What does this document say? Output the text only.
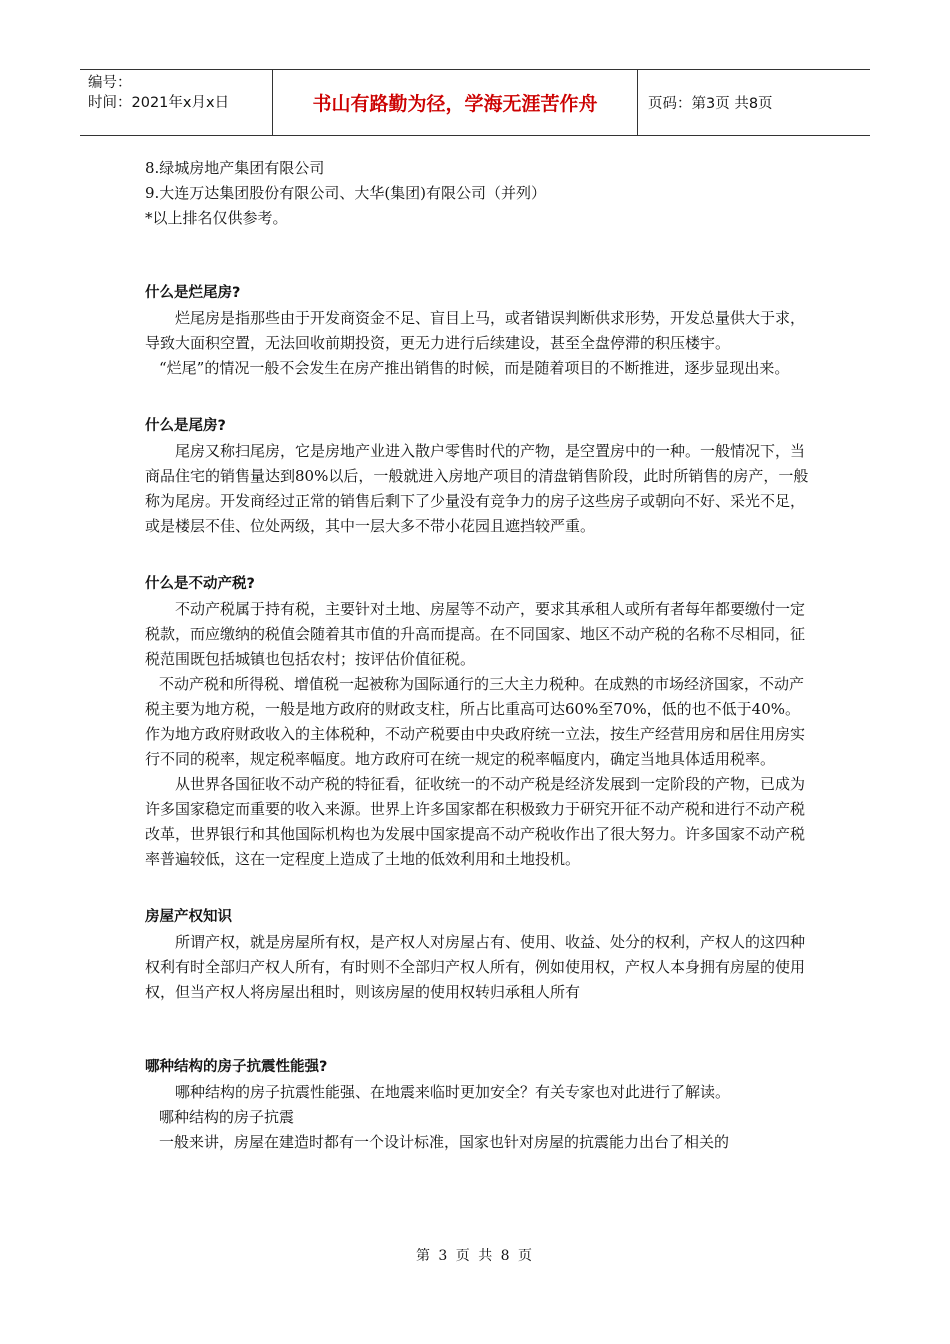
编号：
时间：2021年x月x日	书山有路勤为径，学海无涯苦作舟	页码：第3页 共8页

8.绿城房地产集团有限公司

9.大连万达集团股份有限公司、大华(集团)有限公司（并列）

*以上排名仅供参考。

什么是烂尾房?

烂尾房是指那些由于开发商资金不足、盲目上马，或者错误判断供求形势，开发总量供大于求，导致大面积空置，无法回收前期投资，更无力进行后续建设，甚至全盘停滞的积压楼宇。

“烂尾”的情况一般不会发生在房产推出销售的时候，而是随着项目的不断推进，逐步显现出来。

什么是尾房?

尾房又称扫尾房，它是房地产业进入散户零售时代的产物，是空置房中的一种。一般情况下，当商品住宅的销售量达到80%以后，一般就进入房地产项目的清盘销售阶段，此时所销售的房产，一般称为尾房。开发商经过正常的销售后剩下了少量没有竞争力的房子这些房子或朝向不好、采光不足，或是楼层不佳、位处两级，其中一层大多不带小花园且遮挡较严重。

什么是不动产税?

不动产税属于持有税，主要针对土地、房屋等不动产，要求其承租人或所有者每年都要缴付一定税款，而应缴纳的税值会随着其市值的升高而提高。在不同国家、地区不动产税的名称不尽相同，征税范围既包括城镇也包括农村；按评估价值征税。

不动产税和所得税、增值税一起被称为国际通行的三大主力税种。在成熟的市场经济国家，不动产税主要为地方税，一般是地方政府的财政支柱，所占比重高可达60%至70%，低的也不低于40%。作为地方政府财政收入的主体税种，不动产税要由中央政府统一立法，按生产经营用房和居住用房实行不同的税率，规定税率幅度。地方政府可在统一规定的税率幅度内，确定当地具体适用税率。

从世界各国征收不动产税的特征看，征收统一的不动产税是经济发展到一定阶段的产物，已成为许多国家稳定而重要的收入来源。世界上许多国家都在积极致力于研究开征不动产税和进行不动产税改革，世界银行和其他国际机构也为发展中国家提高不动产税收作出了很大努力。许多国家不动产税率普遍较低，这在一定程度上造成了土地的低效利用和土地投机。

房屋产权知识

所谓产权，就是房屋所有权，是产权人对房屋占有、使用、收益、处分的权利，产权人的这四种权利有时全部归产权人所有，有时则不全部归产权人所有，例如使用权，产权人本身拥有房屋的使用权，但当产权人将房屋出租时，则该房屋的使用权转归承租人所有

哪种结构的房子抗震性能强?

哪种结构的房子抗震性能强、在地震来临时更加安全？有关专家也对此进行了解读。

哪种结构的房子抗震

一般来讲，房屋在建造时都有一个设计标准，国家也针对房屋的抗震能力出台了相关的

第 3 页 共 8 页
